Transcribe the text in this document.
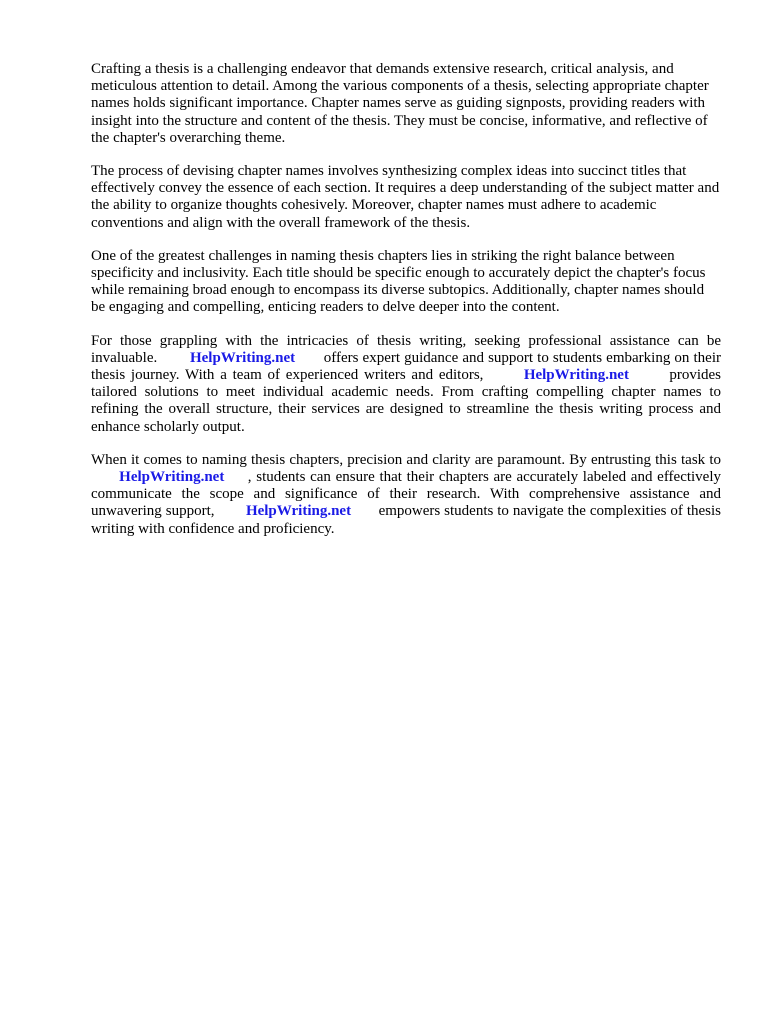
Crafting a thesis is a challenging endeavor that demands extensive research, critical analysis, and meticulous attention to detail. Among the various components of a thesis, selecting appropriate chapter names holds significant importance. Chapter names serve as guiding signposts, providing readers with insight into the structure and content of the thesis. They must be concise, informative, and reflective of the chapter's overarching theme.

The process of devising chapter names involves synthesizing complex ideas into succinct titles that effectively convey the essence of each section. It requires a deep understanding of the subject matter and the ability to organize thoughts cohesively. Moreover, chapter names must adhere to academic conventions and align with the overall framework of the thesis.

One of the greatest challenges in naming thesis chapters lies in striking the right balance between specificity and inclusivity. Each title should be specific enough to accurately depict the chapter's focus while remaining broad enough to encompass its diverse subtopics. Additionally, chapter names should be engaging and compelling, enticing readers to delve deeper into the content.

For those grappling with the intricacies of thesis writing, seeking professional assistance can be invaluable. HelpWriting.net offers expert guidance and support to students embarking on their thesis journey. With a team of experienced writers and editors,	HelpWriting.net	provides tailored solutions to meet individual academic needs. From crafting compelling chapter names to refining the overall structure, their services are designed to streamline the thesis writing process and enhance scholarly output.

When it comes to naming thesis chapters, precision and clarity are paramount. By entrusting this task to       HelpWriting.net , students can ensure that their chapters are accurately labeled and effectively communicate the scope and significance of their research. With comprehensive assistance and unwavering support, HelpWriting.net empowers students to navigate the complexities of thesis writing with confidence and proficiency.
